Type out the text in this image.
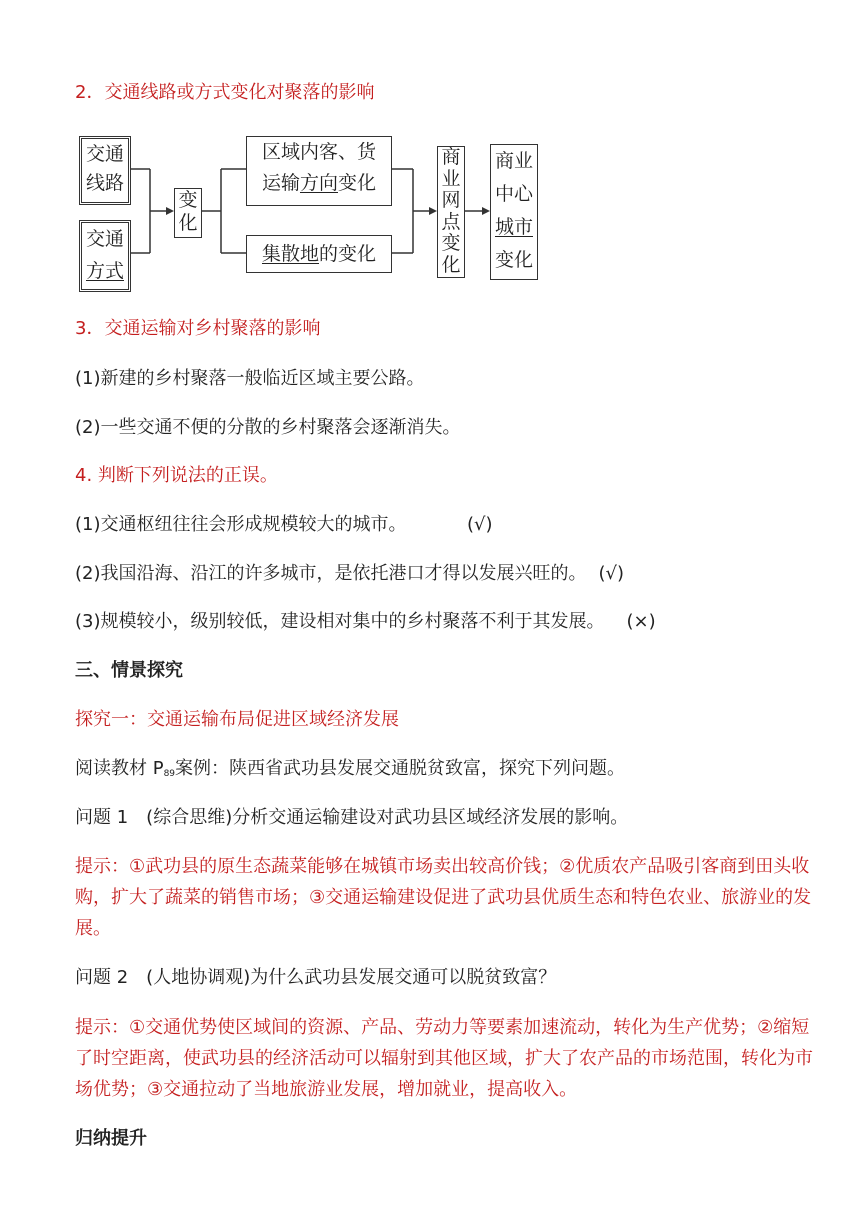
2．交通线路或方式变化对聚落的影响
交通
线路
交通
方式
变
化
区域内客、货
运输方向变化
集散地的变化
商
业
网
点
变
化
商业
中心
城市
变化
3．交通运输对乡村聚落的影响
(1)新建的乡村聚落一般临近区域主要公路。
(2)一些交通不便的分散的乡村聚落会逐渐消失。
4. 判断下列说法的正误。
(1)交通枢纽往往会形成规模较大的城市。	(√)
(2)我国沿海、沿江的许多城市，是依托港口才得以发展兴旺的。 (√)
(3)规模较小，级别较低，建设相对集中的乡村聚落不利于其发展。 (×)
三、情景探究
探究一：交通运输布局促进区域经济发展
阅读教材 $P_{89}$案例：陕西省武功县发展交通脱贫致富，探究下列问题。
问题 1　(综合思维)分析交通运输建设对武功县区域经济发展的影响。
提示：①武功县的原生态蔬菜能够在城镇市场卖出较高价钱；②优质农产品吸引客商到田头收购，扩大了蔬菜的销售市场；③交通运输建设促进了武功县优质生态和特色农业、旅游业的发展。
问题 2　(人地协调观)为什么武功县发展交通可以脱贫致富？
提示：①交通优势使区域间的资源、产品、劳动力等要素加速流动，转化为生产优势；②缩短了时空距离，使武功县的经济活动可以辐射到其他区域，扩大了农产品的市场范围，转化为市场优势；③交通拉动了当地旅游业发展，增加就业，提高收入。
归纳提升
